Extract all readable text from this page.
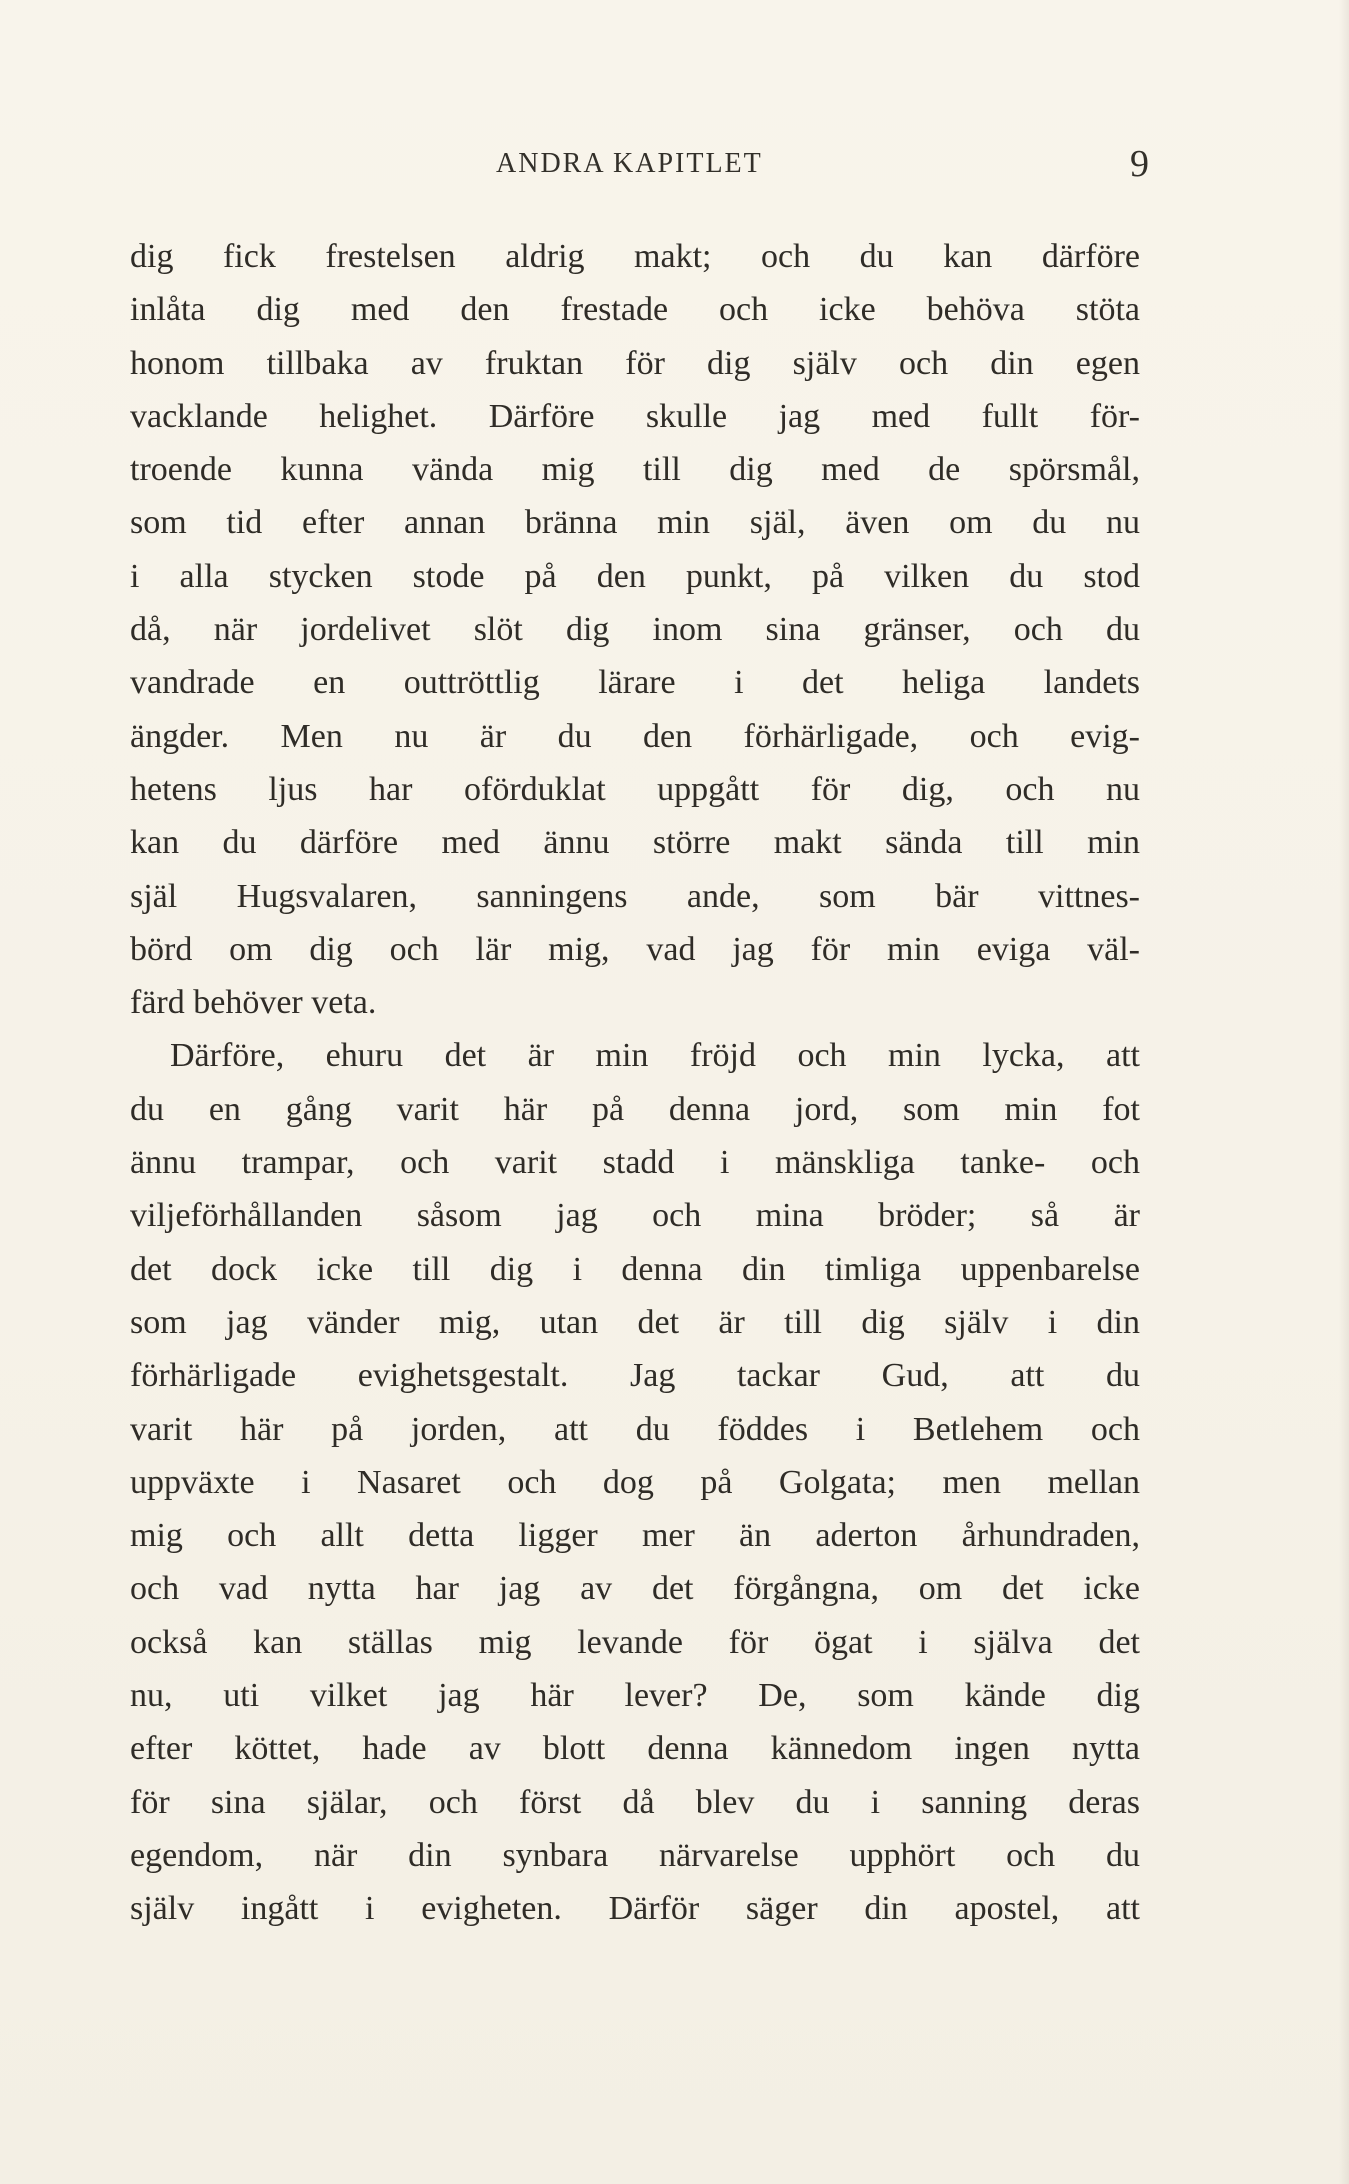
ANDRA KAPITLET	9
dig fick frestelsen aldrig makt; och du kan därföre
inlåta dig med den frestade och icke behöva stöta
honom tillbaka av fruktan för dig själv och din egen
vacklande helighet. Därföre skulle jag med fullt för-
troende kunna vända mig till dig med de spörsmål,
som tid efter annan bränna min själ, även om du nu
i alla stycken stode på den punkt, på vilken du stod
då, när jordelivet slöt dig inom sina gränser, och du
vandrade en outtröttlig lärare i det heliga landets
ängder. Men nu är du den förhärligade, och evig-
hetens ljus har oförduklat uppgått för dig, och nu
kan du därföre med ännu större makt sända till min
själ Hugsvalaren, sanningens ande, som bär vittnes-
börd om dig och lär mig, vad jag för min eviga väl-
färd behöver veta.
Därföre, ehuru det är min fröjd och min lycka, att
du en gång varit här på denna jord, som min fot
ännu trampar, och varit stadd i mänskliga tanke- och
viljeförhållanden såsom jag och mina bröder; så är
det dock icke till dig i denna din timliga uppenbarelse
som jag vänder mig, utan det är till dig själv i din
förhärligade evighetsgestalt. Jag tackar Gud, att du
varit här på jorden, att du föddes i Betlehem och
uppväxte i Nasaret och dog på Golgata; men mellan
mig och allt detta ligger mer än aderton århundraden,
och vad nytta har jag av det förgångna, om det icke
också kan ställas mig levande för ögat i själva det
nu, uti vilket jag här lever? De, som kände dig
efter köttet, hade av blott denna kännedom ingen nytta
för sina själar, och först då blev du i sanning deras
egendom, när din synbara närvarelse upphört och du
själv ingått i evigheten. Därför säger din apostel, att
